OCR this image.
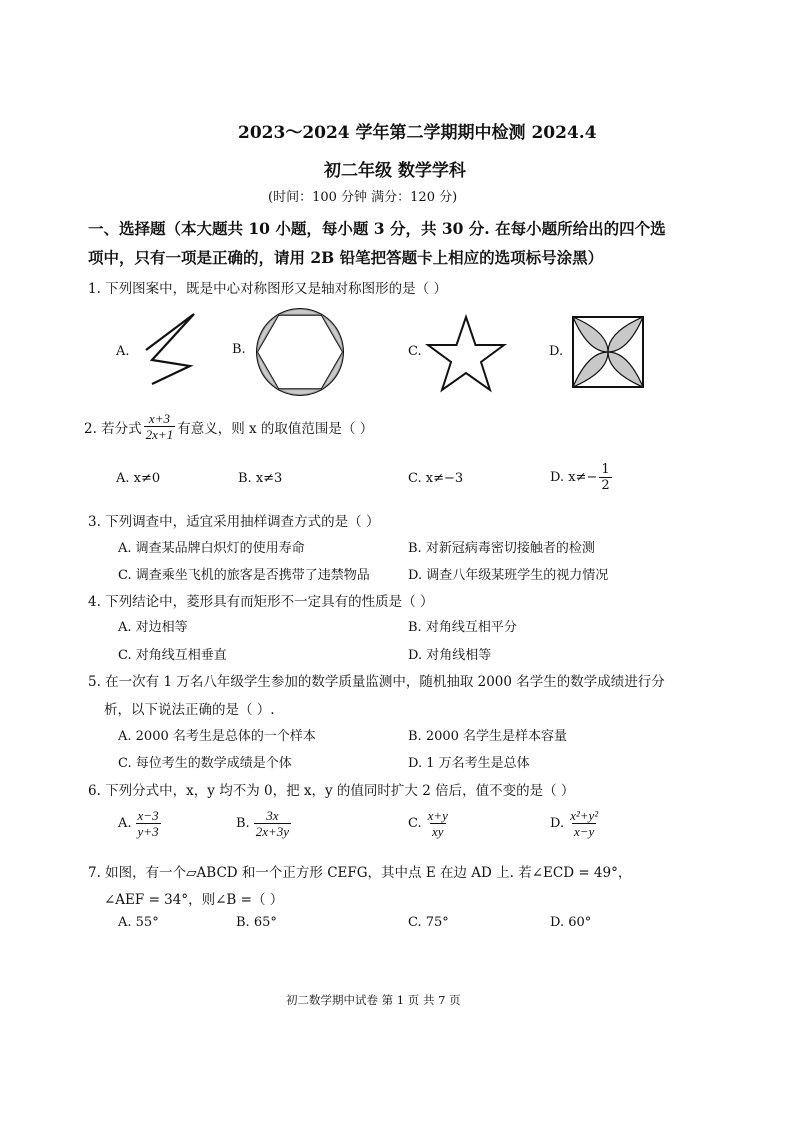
2023～2024 学年第二学期期中检测 2024.4
初二年级 数学学科
(时间：100 分钟 满分：120 分)
一、选择题（本大题共 10 小题，每小题 3 分，共 30 分. 在每小题所给出的四个选
项中，只有一项是正确的，请用 2B 铅笔把答题卡上相应的选项标号涂黑）
1. 下列图案中，既是中心对称图形又是轴对称图形的是（ ）
A.	B.	C.	D.
2. 若分式 $\frac{x+3}{2x+1}$ 有意义，则 x 的取值范围是（ ）
A. x≠0	B. x≠3	C. x≠−3	D. $x\ne- \frac{1}{2}$
3. 下列调查中，适宜采用抽样调查方式的是（ ）
A. 调查某品牌白炽灯的使用寿命	B. 对新冠病毒密切接触者的检测
C. 调查乘坐飞机的旅客是否携带了违禁物品	D. 调查八年级某班学生的视力情况
4. 下列结论中，菱形具有而矩形不一定具有的性质是（ ）
A. 对边相等	B. 对角线互相平分
C. 对角线互相垂直	D. 对角线相等
5. 在一次有 1 万名八年级学生参加的数学质量监测中，随机抽取 2000 名学生的数学成绩进行分
析，以下说法正确的是（ ）.
A. 2000 名考生是总体的一个样本	B. 2000 名学生是样本容量
C. 每位考生的数学成绩是个体	D. 1 万名考生是总体
6. 下列分式中，x，y 均不为 0，把 x，y 的值同时扩大 2 倍后，值不变的是（ ）
A. $\frac{x-3}{y+3}$	B. $\frac{3x}{2x+3y}$	C. $\frac{x+y}{xy}$	D. $\frac{\text{x²+y²}}{x-y}$
7. 如图，有一个▱ABCD 和一个正方形 CEFG，其中点 E 在边 AD 上. 若∠ECD = 49°，
∠AEF = 34°，则∠B =（ ）
A. 55°	B. 65°	C. 75°	D. 60°
初二数学期中试卷 第 1 页 共 7 页
